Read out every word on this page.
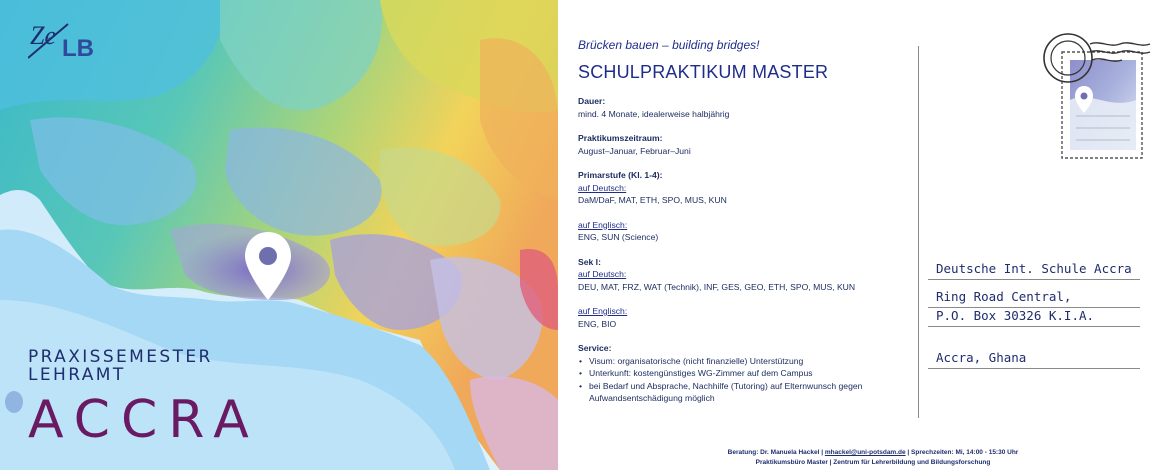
Ze LB
PRAXISSEMESTER
LEHRAMT
ACCRA
Brücken bauen – building bridges!
SCHULPRAKTIKUM MASTER
Dauer:
mind. 4 Monate, idealerweise halbjährig
Praktikumszeitraum:
August–Januar, Februar–Juni
Primarstufe (Kl. 1-4):
auf Deutsch:
DaM/DaF, MAT, ETH, SPO, MUS, KUN
auf Englisch:
ENG, SUN (Science)
Sek I:
auf Deutsch:
DEU, MAT, FRZ, WAT (Technik), INF, GES, GEO, ETH, SPO, MUS, KUN
auf Englisch:
ENG, BIO
Service:
• Visum: organisatorische (nicht finanzielle) Unterstützung
• Unterkunft: kostengünstiges WG-Zimmer auf dem Campus
• bei Bedarf und Absprache, Nachhilfe (Tutoring) auf Elternwunsch gegen Aufwandsentschädigung möglich
Deutsche Int. Schule Accra
Ring Road Central,
P.O. Box 30326 K.I.A.
Accra, Ghana
Beratung: Dr. Manuela Hackel | mhackel@uni-potsdam.de | Sprechzeiten: Mi, 14:00 - 15:30 Uhr
Praktikumsbüro Master | Zentrum für Lehrerbildung und Bildungsforschung
